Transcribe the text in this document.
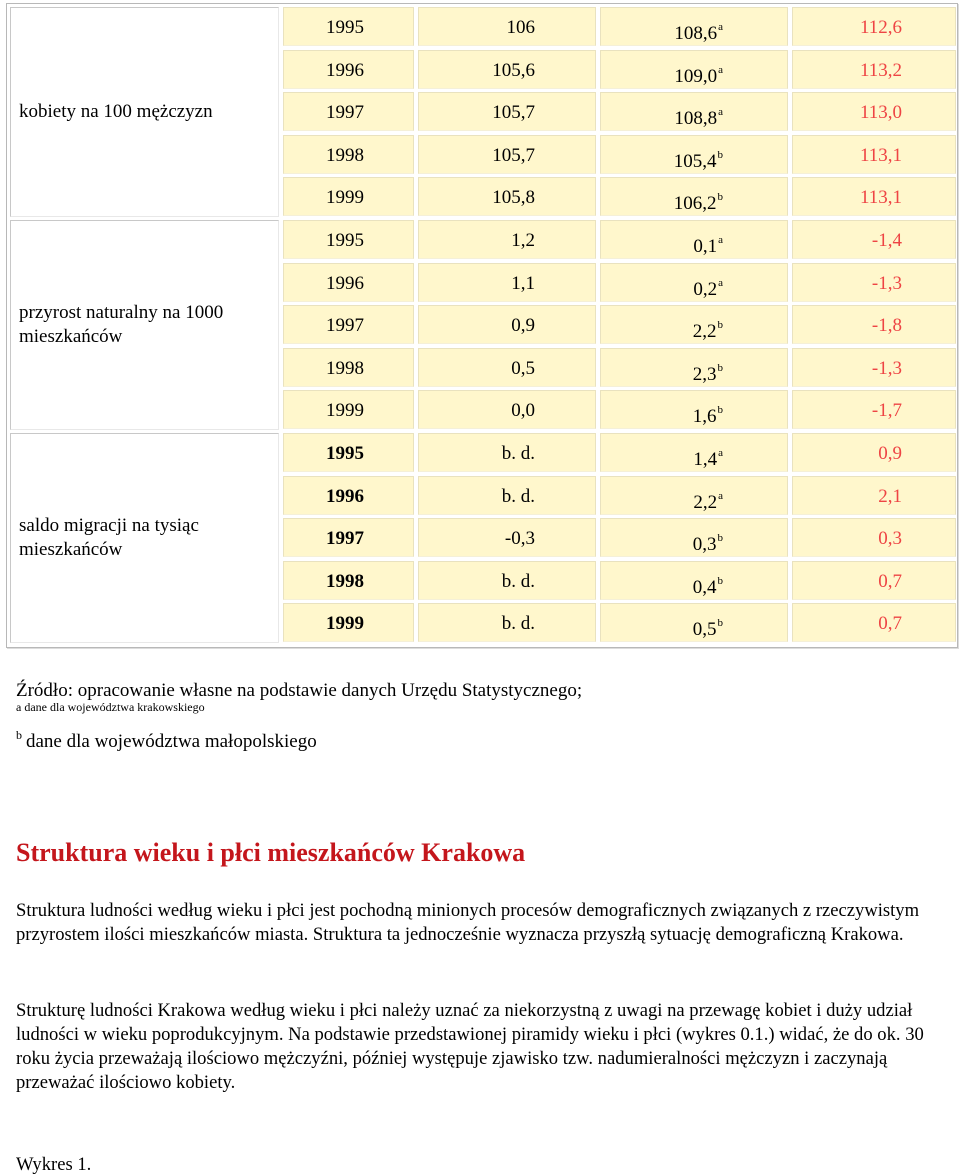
kobiety na 100 mężczyzn
1995	106	108,6$^a$	112,6
1996	105,6	109,0$^a$	113,2
1997	105,7	108,8$^a$	113,0
1998	105,7	105,4$^b$	113,1
1999	105,8	106,2$^b$	113,1
przyrost naturalny na 1000 mieszkańców
1995	1,2	0,1$^a$	-1,4
1996	1,1	0,2$^a$	-1,3
1997	0,9	2,2$^b$	-1,8
1998	0,5	2,3$^b$	-1,3
1999	0,0	1,6$^b$	-1,7
saldo migracji na tysiąc mieszkańców
1995	b. d.	1,4$^a$	0,9
1996	b. d.	2,2$^a$	2,1
1997	-0,3	0,3$^b$	0,3
1998	b. d.	0,4$^b$	0,7
1999	b. d.	0,5$^b$	0,7
Źródło: opracowanie własne na podstawie danych Urzędu Statystycznego;
a dane dla województwa krakowskiego
$^b$ dane dla województwa małopolskiego
Struktura wieku i płci mieszkańców Krakowa

Struktura ludności według wieku i płci jest pochodną minionych procesów demograficznych związanych z rzeczywistym przyrostem ilości mieszkańców miasta. Struktura ta jednocześnie wyznacza przyszłą sytuację demograficzną Krakowa.

Strukturę ludności Krakowa według wieku i płci należy uznać za niekorzystną z uwagi na przewagę kobiet i duży udział ludności w wieku poprodukcyjnym. Na podstawie przedstawionej piramidy wieku i płci (wykres 0.1.) widać, że do ok. 30 roku życia przeważają ilościowo mężczyźni, później występuje zjawisko tzw. nadumieralności mężczyzn i zaczynają przeważać ilościowo kobiety.

Wykres 1.
